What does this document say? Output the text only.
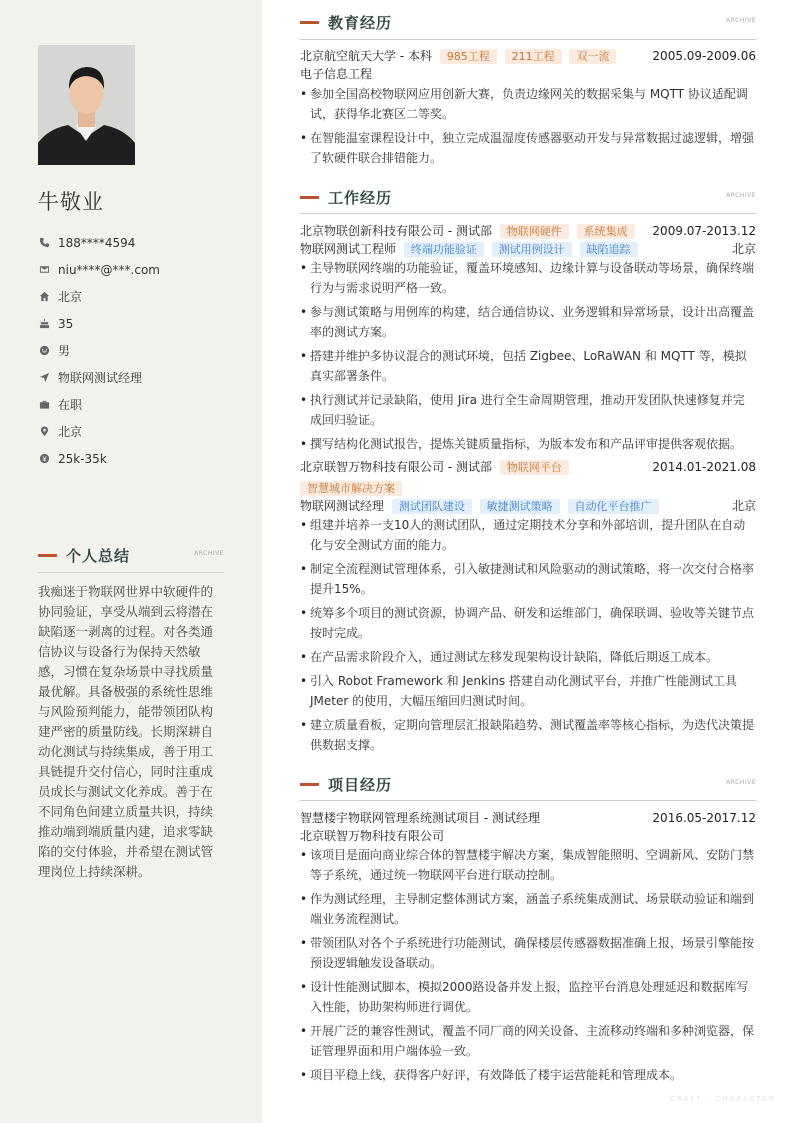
牛敬业
188****4594
niu****@***.com
北京
35
男
物联网测试经理
在职
北京
25k-35k
个人总结	ARCHIVE
我痴迷于物联网世界中软硬件的协同验证，享受从端到云将潜在缺陷逐一剥离的过程。对各类通信协议与设备行为保持天然敏感，习惯在复杂场景中寻找质量最优解。具备极强的系统性思维与风险预判能力，能带领团队构建严密的质量防线。长期深耕自动化测试与持续集成，善于用工具链提升交付信心，同时注重成员成长与测试文化养成。善于在不同角色间建立质量共识，持续推动端到端质量内建，追求零缺陷的交付体验，并希望在测试管理岗位上持续深耕。
教育经历	ARCHIVE
北京航空航天大学 - 本科 985工程 211工程 双一流	2005.09-2009.06
电子信息工程
• 参加全国高校物联网应用创新大赛，负责边缘网关的数据采集与 MQTT 协议适配调试，获得华北赛区二等奖。
• 在智能温室课程设计中，独立完成温湿度传感器驱动开发与异常数据过滤逻辑，增强了软硬件联合排错能力。
工作经历	ARCHIVE
北京物联创新科技有限公司 - 测试部 物联网硬件 系统集成 2009.07-2013.12
物联网测试工程师 终端功能验证 测试用例设计 缺陷追踪	北京
• 主导物联网终端的功能验证，覆盖环境感知、边缘计算与设备联动等场景，确保终端行为与需求说明严格一致。
• 参与测试策略与用例库的构建，结合通信协议、业务逻辑和异常场景，设计出高覆盖率的测试方案。
• 搭建并维护多协议混合的测试环境，包括 Zigbee、LoRaWAN 和 MQTT 等，模拟真实部署条件。
• 执行测试并记录缺陷，使用 Jira 进行全生命周期管理，推动开发团队快速修复并完成回归验证。
• 撰写结构化测试报告，提炼关键质量指标，为版本发布和产品评审提供客观依据。
北京联智万物科技有限公司 - 测试部 物联网平台	2014.01-2021.08
智慧城市解决方案
物联网测试经理 测试团队建设 敏捷测试策略 自动化平台推广	北京
• 组建并培养一支10人的测试团队，通过定期技术分享和外部培训，提升团队在自动化与安全测试方面的能力。
• 制定全流程测试管理体系，引入敏捷测试和风险驱动的测试策略，将一次交付合格率提升15%。
• 统筹多个项目的测试资源，协调产品、研发和运维部门，确保联调、验收等关键节点按时完成。
• 在产品需求阶段介入，通过测试左移发现架构设计缺陷，降低后期返工成本。
• 引入 Robot Framework 和 Jenkins 搭建自动化测试平台，并推广性能测试工具 JMeter 的使用，大幅压缩回归测试时间。
• 建立质量看板，定期向管理层汇报缺陷趋势、测试覆盖率等核心指标，为迭代决策提供数据支撑。
项目经历	ARCHIVE
智慧楼宇物联网管理系统测试项目 - 测试经理	2016.05-2017.12
北京联智万物科技有限公司
• 该项目是面向商业综合体的智慧楼宇解决方案，集成智能照明、空调新风、安防门禁等子系统，通过统一物联网平台进行联动控制。
• 作为测试经理，主导制定整体测试方案，涵盖子系统集成测试、场景联动验证和端到端业务流程测试。
• 带领团队对各个子系统进行功能测试，确保楼层传感器数据准确上报，场景引擎能按预设逻辑触发设备联动。
• 设计性能测试脚本，模拟2000路设备并发上报，监控平台消息处理延迟和数据库写入性能，协助架构师进行调优。
• 开展广泛的兼容性测试，覆盖不同厂商的网关设备、主流移动终端和多种浏览器，保证管理界面和用户端体验一致。
• 项目平稳上线，获得客户好评，有效降低了楼宇运营能耗和管理成本。
CRAFT · CHARACTER
